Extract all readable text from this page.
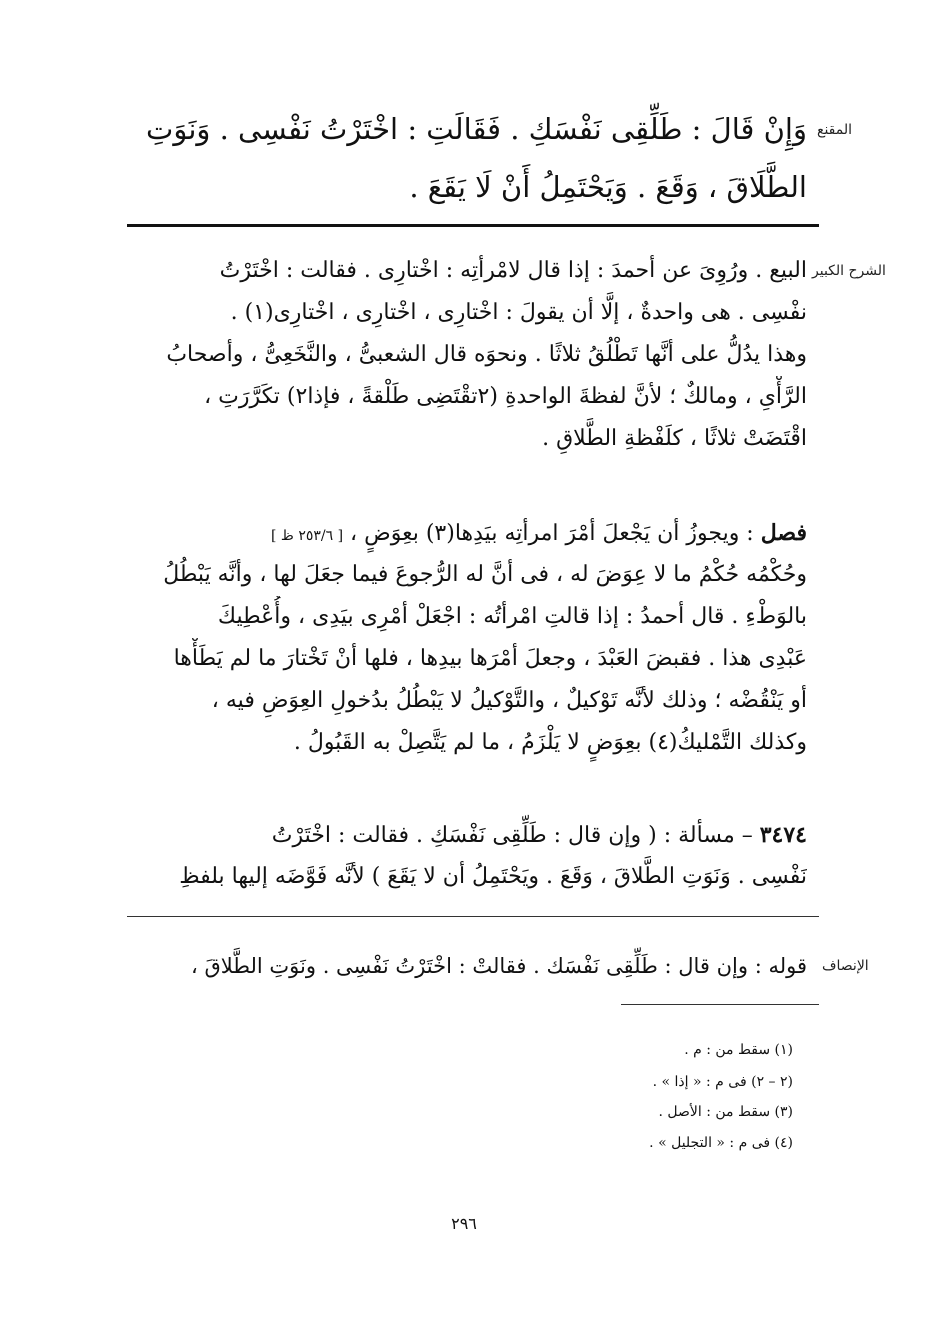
المقنع
الشرح الكبير
الإنصاف
وَإِنْ قَالَ : طَلِّقِى نَفْسَكِ . فَقَالَتِ : اخْتَرْتُ نَفْسِى . وَنَوَتِ
الطَّلَاقَ ، وَقَعَ . وَيَحْتَمِلُ أَنْ لَا يَقَعَ .
البيع . ورُوِىَ عن أحمدَ : إذا قال لامْرأتِه : اخْتارِى . فقالت : اخْتَرْتُ
نفْسِى . هى واحدةٌ ، إلَّا أن يقولَ : اخْتارِى ، اخْتارِى ، اخْتارِى(١) .
وهذا يدُلُّ على أنَّها تَطْلُقُ ثلاثًا . ونحوَه قال الشعبىُّ ، والنَّخَعِىُّ ، وأصحابُ
الرَّأْىِ ، ومالكٌ ؛ لأنَّ لفظةَ الواحدةِ (٢تقْتَضِى طَلْقةً ، فإذا٢) تكَرَّرَتِ ،
اقْتَضَتْ ثلاثًا ، كلَفْظةِ الطَّلاقِ .
فصل : ويجوزُ أن يَجْعلَ أمْرَ امرأتِه بيَدِها(٣) بعِوَضٍ ، [ ٢٥٣/٦ ظ ]
وحُكْمُه حُكْمُ ما لا عِوَضَ له ، فى أنَّ له الرُّجوعَ فيما جعَلَ لها ، وأنَّه يَبْطُلُ
بالوَطْءِ . قال أحمدُ : إذا قالتِ امْرأتُه : اجْعَلْ أمْرِى بيَدِى ، وأُعْطِيكَ
عَبْدِى هذا . فقبضَ العَبْدَ ، وجعلَ أمْرَها بيدِها ، فلها أنْ تَخْتارَ ما لم يَطَأْها
أو يَنْقُضْه ؛ وذلك لأنَّه تَوْكيلٌ ، والتَّوْكيلُ لا يَبْطُلُ بدُخولِ العِوَضِ فيه ،
وكذلك التَّمْليكُ(٤) بعِوَضٍ لا يَلْزَمُ ، ما لم يَتَّصِلْ به القَبُولُ .
٣٤٧٤ – مسألة : ( وإن قال : طَلِّقِى نَفْسَكِ . فقالت : اخْتَرْتُ
نَفْسِى . وَنَوَتِ الطَّلاقَ ، وَقَعَ . ويَحْتَمِلُ أن لا يَقَعَ ) لأنَّه فَوَّضَه إليها بلفظِ
قوله : وإن قال : طَلِّقِى نَفْسَك . فقالتْ : اخْتَرْتُ نَفْسِى . ونَوَتِ الطَّلاقَ ،
(١) سقط من : م .
(٢ – ٢) فى م : « إذا » .
(٣) سقط من : الأصل .
(٤) فى م : « التجليل » .
٢٩٦
